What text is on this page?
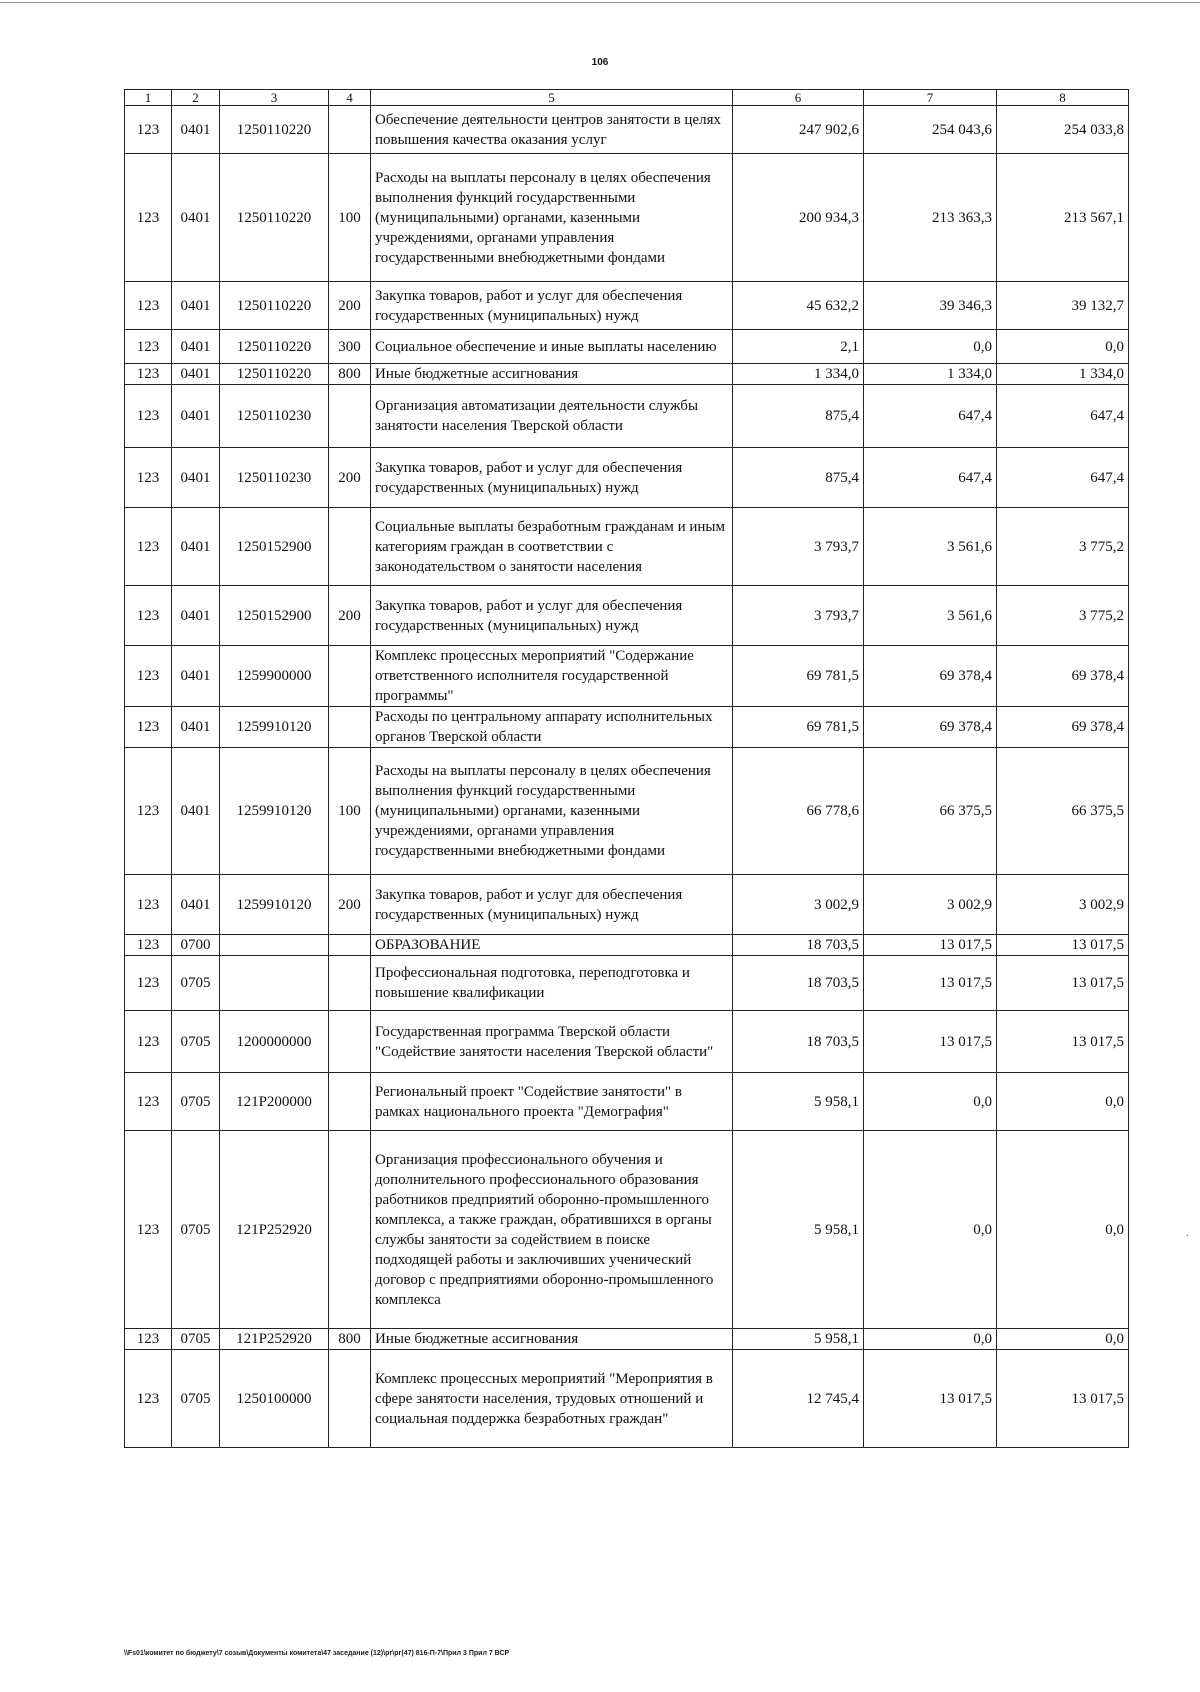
106
.
1	2	3	4	5	6	7	8
123	0401	1250110220		Обеспечение деятельности центров занятости в целях повышения качества оказания услуг	247 902,6	254 043,6	254 033,8
123	0401	1250110220	100	Расходы на выплаты персоналу в целях обеспечения выполнения функций государственными (муниципальными) органами, казенными учреждениями, органами управления государственными внебюджетными фондами	200 934,3	213 363,3	213 567,1
123	0401	1250110220	200	Закупка товаров, работ и услуг для обеспечения государственных (муниципальных) нужд	45 632,2	39 346,3	39 132,7
123	0401	1250110220	300	Социальное обеспечение и иные выплаты населению	2,1	0,0	0,0
123	0401	1250110220	800	Иные бюджетные ассигнования	1 334,0	1 334,0	1 334,0
123	0401	1250110230		Организация автоматизации деятельности службы занятости населения Тверской области	875,4	647,4	647,4
123	0401	1250110230	200	Закупка товаров, работ и услуг для обеспечения государственных (муниципальных) нужд	875,4	647,4	647,4
123	0401	1250152900		Социальные выплаты безработным гражданам и иным категориям граждан в соответствии с законодательством о занятости населения	3 793,7	3 561,6	3 775,2
123	0401	1250152900	200	Закупка товаров, работ и услуг для обеспечения государственных (муниципальных) нужд	3 793,7	3 561,6	3 775,2
123	0401	1259900000		Комплекс процессных мероприятий "Содержание ответственного исполнителя государственной программы"	69 781,5	69 378,4	69 378,4
123	0401	1259910120		Расходы по центральному аппарату исполнительных органов Тверской области	69 781,5	69 378,4	69 378,4
123	0401	1259910120	100	Расходы на выплаты персоналу в целях обеспечения выполнения функций государственными (муниципальными) органами, казенными учреждениями, органами управления государственными внебюджетными фондами	66 778,6	66 375,5	66 375,5
123	0401	1259910120	200	Закупка товаров, работ и услуг для обеспечения государственных (муниципальных) нужд	3 002,9	3 002,9	3 002,9
123	0700			ОБРАЗОВАНИЕ	18 703,5	13 017,5	13 017,5
123	0705			Профессиональная подготовка, переподготовка и повышение квалификации	18 703,5	13 017,5	13 017,5
123	0705	1200000000		Государственная программа Тверской области "Содействие занятости населения Тверской области"	18 703,5	13 017,5	13 017,5
123	0705	121P200000		Региональный проект "Содействие занятости" в рамках национального проекта "Демография"	5 958,1	0,0	0,0
123	0705	121P252920		Организация профессионального обучения и дополнительного профессионального образования работников предприятий оборонно-промышленного комплекса, а также граждан, обратившихся в органы службы занятости за содействием в поиске подходящей работы и заключивших ученический договор с предприятиями оборонно-промышленного комплекса	5 958,1	0,0	0,0
123	0705	121P252920	800	Иные бюджетные ассигнования	5 958,1	0,0	0,0
123	0705	1250100000		Комплекс процессных мероприятий "Мероприятия в сфере занятости населения, трудовых отношений и социальная поддержка безработных граждан"	12 745,4	13 017,5	13 017,5
\\Fs01\комитет по бюджету\7 созыв\Документы комитета\47 заседание (12)\рг\рг(47) 816-П-7\Прил 3 Прил 7 ВСР
